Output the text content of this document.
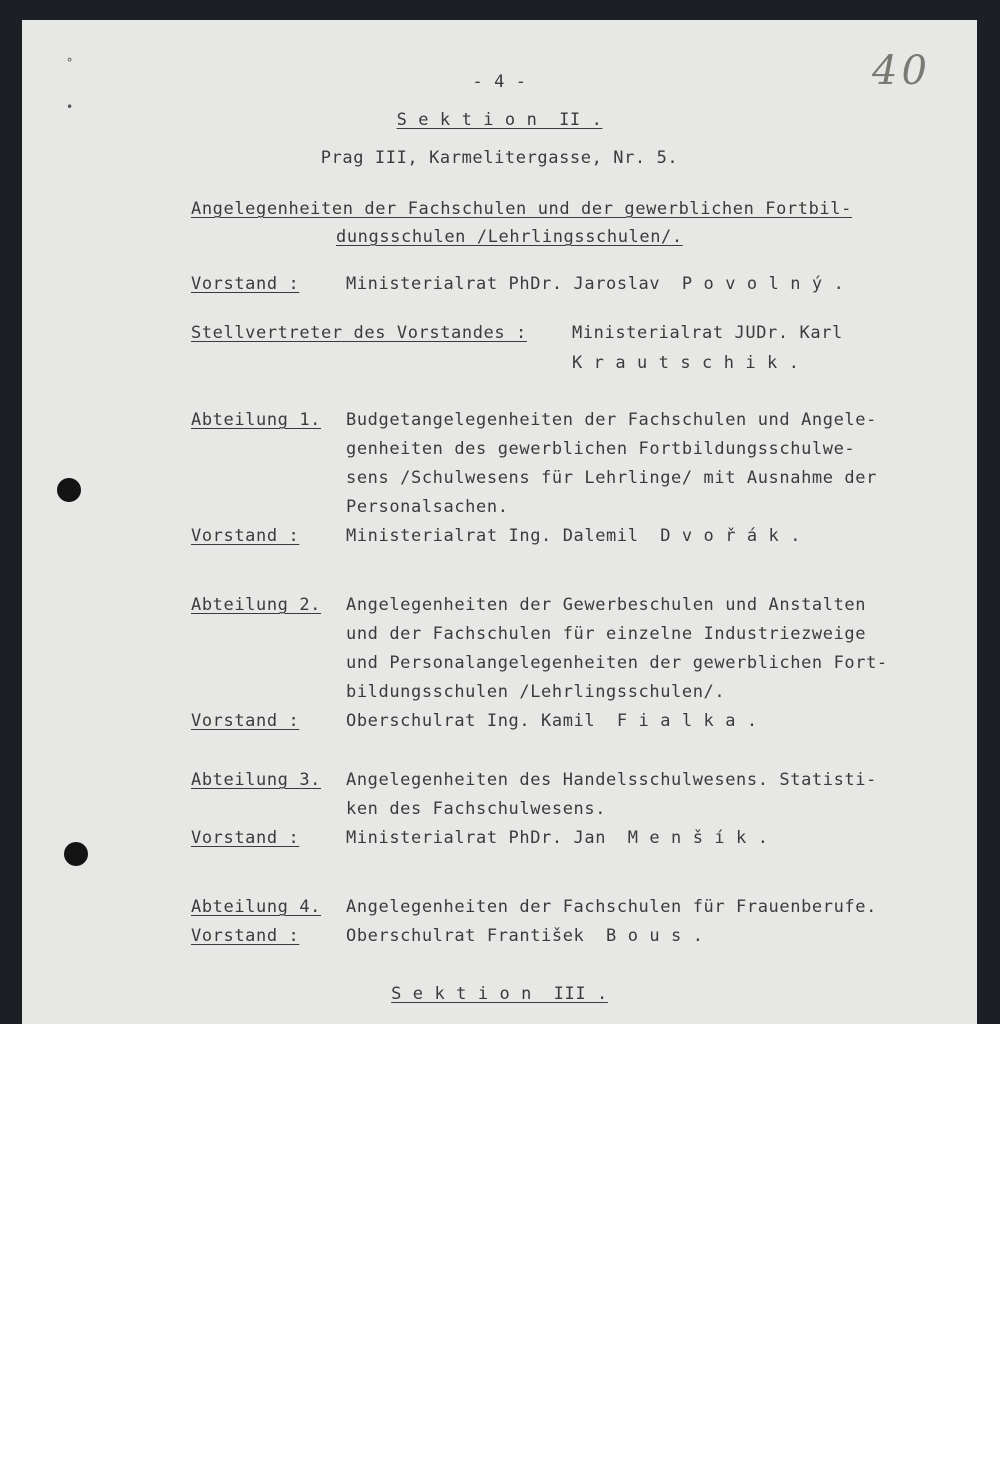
°
•
40
- 4 -
S e k t i o n  II .
Prag III, Karmelitergasse, Nr. 5.
Angelegenheiten der Fachschulen und der gewerblichen Fortbil-
dungsschulen /Lehrlingsschulen/.
Vorstand :	Ministerialrat PhDr. Jaroslav  P o v o l n ý .
Stellvertreter des Vorstandes :	Ministerialrat JUDr. Karl
K r a u t s c h i k .
Abteilung 1. Budgetangelegenheiten der Fachschulen und Angele-
genheiten des gewerblichen Fortbildungsschulwe-
sens /Schulwesens für Lehrlinge/ mit Ausnahme der
Personalsachen.
Vorstand :	Ministerialrat Ing. Dalemil  D v o ř á k .
Abteilung 2. Angelegenheiten der Gewerbeschulen und Anstalten
und der Fachschulen für einzelne Industriezweige
und Personalangelegenheiten der gewerblichen Fort-
bildungsschulen /Lehrlingsschulen/.
Vorstand :	Oberschulrat Ing. Kamil  F i a l k a .
Abteilung 3. Angelegenheiten des Handelsschulwesens. Statisti-
ken des Fachschulwesens.
Vorstand :	Ministerialrat PhDr. Jan  M e n š í k .
Abteilung 4. Angelegenheiten der Fachschulen für Frauenberufe.
Vorstand :	Oberschulrat František  B o u s .
S e k t i o n  III .
